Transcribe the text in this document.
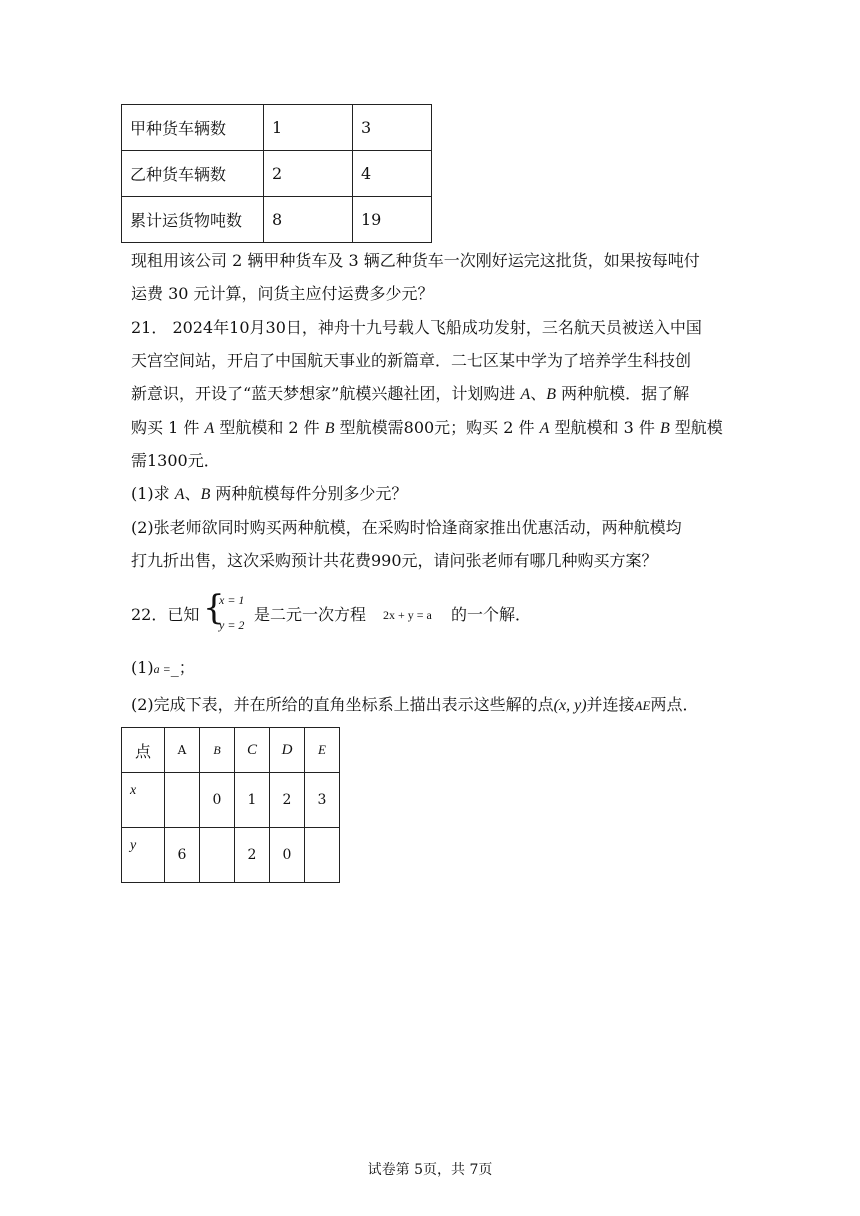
甲种货车辆数	1	3
乙种货车辆数	2	4
累计运货物吨数	8	19
现租用该公司 2 辆甲种货车及 3 辆乙种货车一次刚好运完这批货，如果按每吨付
运费 30 元计算，问货主应付运费多少元？
21． 2024年10月30日，神舟十九号载人飞船成功发射，三名航天员被送入中国
天宫空间站，开启了中国航天事业的新篇章．二七区某中学为了培养学生科技创
新意识，开设了“蓝天梦想家”航模兴趣社团，计划购进 A、B 两种航模．据了解
购买 1 件 A 型航模和 2 件 B 型航模需800元；购买 2 件 A 型航模和 3 件 B 型航模
需1300元．
(1)求 A、B 两种航模每件分别多少元？
(2)张老师欲同时购买两种航模，在采购时恰逢商家推出优惠活动，两种航模均
打九折出售，这次采购预计共花费990元，请问张老师有哪几种购买方案？
22．已知 {
x = 1
y = 2
是二元一次方程 2x + y = a 的一个解．
(1)a =_；
(2)完成下表，并在所给的直角坐标系上描出表示这些解的点(x, y)并连接AE两点．
点	A	B	C	D	E
x		0	1	2	3
y	6		2	0	
试卷第 5页，共 7页
